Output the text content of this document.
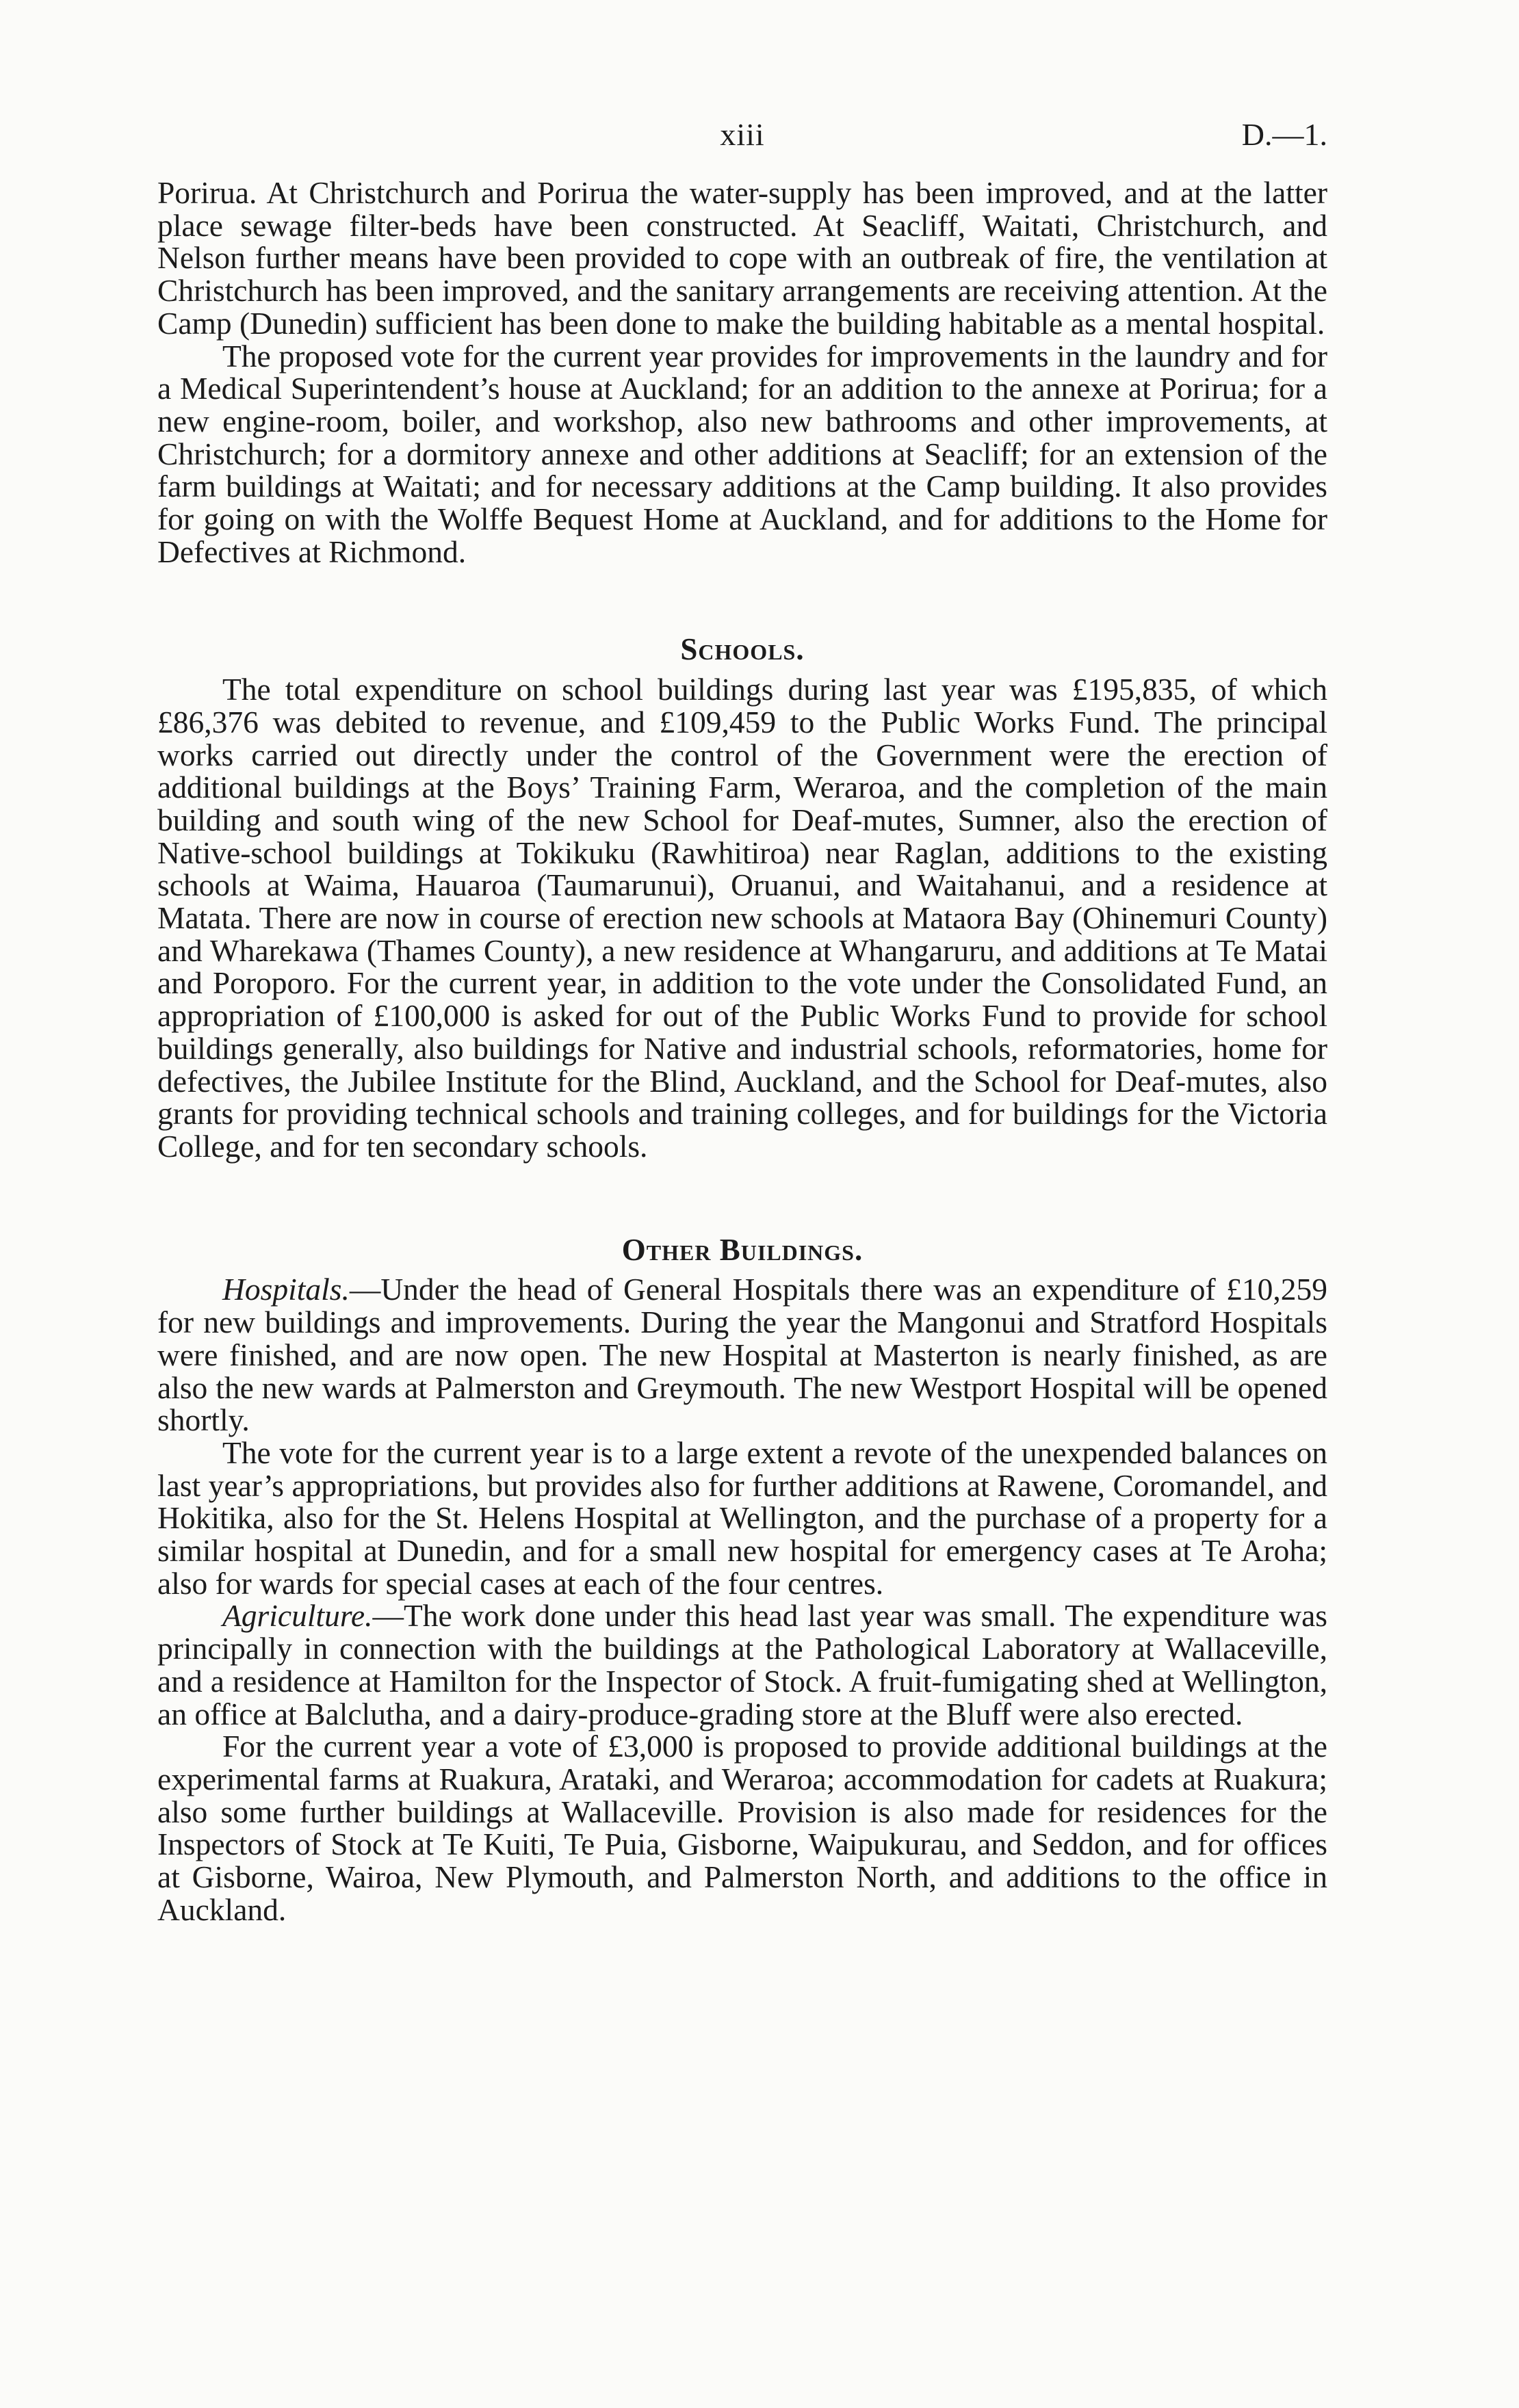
xiii	D.—1.

Porirua. At Christchurch and Porirua the water-supply has been improved, and at the latter place sewage filter-beds have been constructed. At Seacliff, Waitati, Christchurch, and Nelson further means have been provided to cope with an outbreak of fire, the ventilation at Christchurch has been improved, and the sanitary arrangements are receiving attention. At the Camp (Dunedin) sufficient has been done to make the building habitable as a mental hospital.

The proposed vote for the current year provides for improvements in the laundry and for a Medical Superintendent’s house at Auckland; for an addition to the annexe at Porirua; for a new engine-room, boiler, and workshop, also new bathrooms and other improvements, at Christchurch; for a dormitory annexe and other additions at Seacliff; for an extension of the farm buildings at Waitati; and for necessary additions at the Camp building. It also provides for going on with the Wolffe Bequest Home at Auckland, and for additions to the Home for Defectives at Richmond.

Schools.

The total expenditure on school buildings during last year was £195,835, of which £86,376 was debited to revenue, and £109,459 to the Public Works Fund. The principal works carried out directly under the control of the Government were the erection of additional buildings at the Boys’ Training Farm, Weraroa, and the completion of the main building and south wing of the new School for Deaf-mutes, Sumner, also the erection of Native-school buildings at Tokikuku (Rawhitiroa) near Raglan, additions to the existing schools at Waima, Hauaroa (Taumarunui), Oruanui, and Waitahanui, and a residence at Matata. There are now in course of erection new schools at Mataora Bay (Ohinemuri County) and Wharekawa (Thames County), a new residence at Whangaruru, and additions at Te Matai and Poroporo. For the current year, in addition to the vote under the Consolidated Fund, an appropriation of £100,000 is asked for out of the Public Works Fund to provide for school buildings generally, also buildings for Native and industrial schools, reformatories, home for defectives, the Jubilee Institute for the Blind, Auckland, and the School for Deaf-mutes, also grants for providing technical schools and training colleges, and for buildings for the Victoria College, and for ten secondary schools.

Other Buildings.

Hospitals.—Under the head of General Hospitals there was an expenditure of £10,259 for new buildings and improvements. During the year the Mangonui and Stratford Hospitals were finished, and are now open. The new Hospital at Masterton is nearly finished, as are also the new wards at Palmerston and Greymouth. The new Westport Hospital will be opened shortly.

The vote for the current year is to a large extent a revote of the unexpended balances on last year’s appropriations, but provides also for further additions at Rawene, Coromandel, and Hokitika, also for the St. Helens Hospital at Wellington, and the purchase of a property for a similar hospital at Dunedin, and for a small new hospital for emergency cases at Te Aroha; also for wards for special cases at each of the four centres.

Agriculture.—The work done under this head last year was small. The expenditure was principally in connection with the buildings at the Pathological Laboratory at Wallaceville, and a residence at Hamilton for the Inspector of Stock. A fruit-fumigating shed at Wellington, an office at Balclutha, and a dairy-produce-grading store at the Bluff were also erected.

For the current year a vote of £3,000 is proposed to provide additional buildings at the experimental farms at Ruakura, Arataki, and Weraroa; accommodation for cadets at Ruakura; also some further buildings at Wallaceville. Provision is also made for residences for the Inspectors of Stock at Te Kuiti, Te Puia, Gisborne, Waipukurau, and Seddon, and for offices at Gisborne, Wairoa, New Plymouth, and Palmerston North, and additions to the office in Auckland.
